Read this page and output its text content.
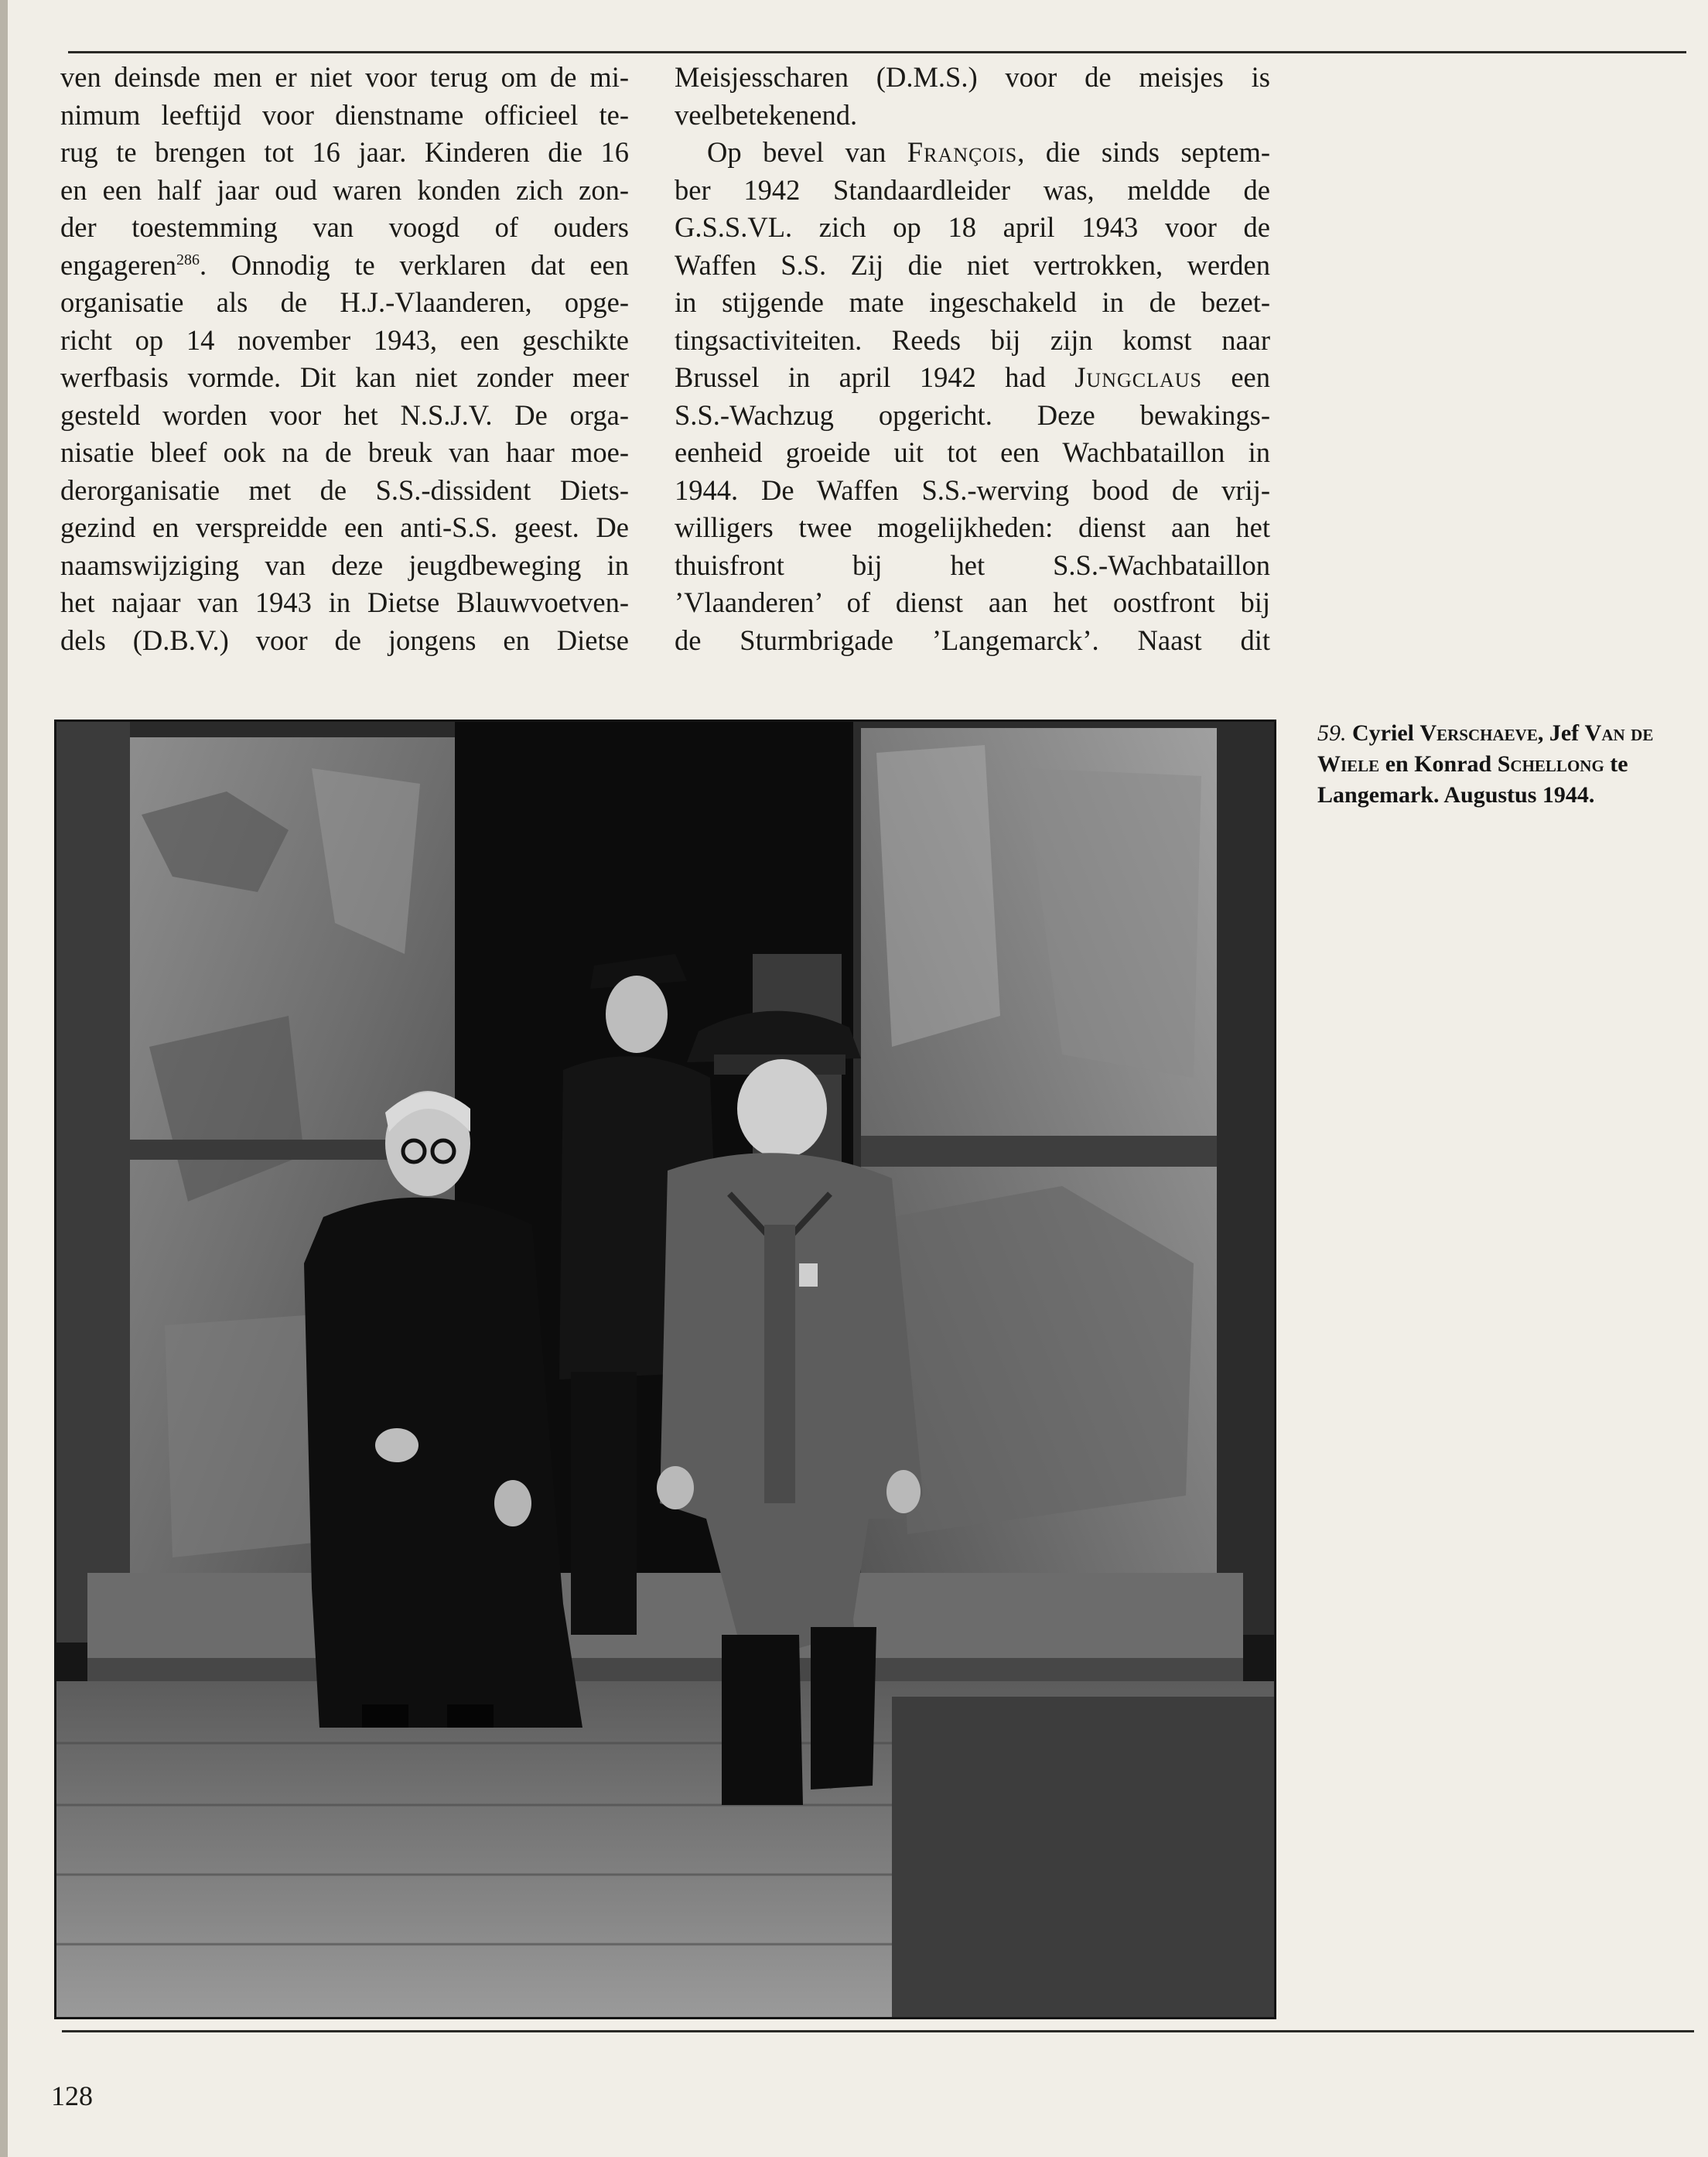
ven deinsde men er niet voor terug om de mi-

nimum leeftijd voor dienstname officieel te-

rug te brengen tot 16 jaar. Kinderen die 16

en een half jaar oud waren konden zich zon-

der toestemming van voogd of ouders

engageren$^{286}$. Onnodig te verklaren dat een

organisatie als de H.J.-Vlaanderen, opge-

richt op 14 november 1943, een geschikte

werfbasis vormde. Dit kan niet zonder meer

gesteld worden voor het N.S.J.V. De orga-

nisatie bleef ook na de breuk van haar moe-

derorganisatie met de S.S.-dissident Diets-

gezind en verspreidde een anti-S.S. geest. De

naamswijziging van deze jeugdbeweging in

het najaar van 1943 in Dietse Blauwvoetven-

dels (D.B.V.) voor de jongens en Dietse

Meisjesscharen (D.M.S.) voor de meisjes is

veelbetekenend.

Op bevel van François, die sinds septem-

ber 1942 Standaardleider was, meldde de

G.S.S.VL. zich op 18 april 1943 voor de

Waffen S.S. Zij die niet vertrokken, werden

in stijgende mate ingeschakeld in de bezet-

tingsactiviteiten. Reeds bij zijn komst naar

Brussel in april 1942 had Jungclaus een

S.S.-Wachzug opgericht. Deze bewakings-

eenheid groeide uit tot een Wachbataillon in

1944. De Waffen S.S.-werving bood de vrij-

willigers twee mogelijkheden: dienst aan het

thuisfront bij het S.S.-Wachbataillon

’Vlaanderen’ of dienst aan het oostfront bij

de Sturmbrigade ’Langemarck’. Naast dit

59. Cyriel Verschaeve, Jef Van de Wiele en Konrad Schellong te Langemark. Augustus 1944.
128
